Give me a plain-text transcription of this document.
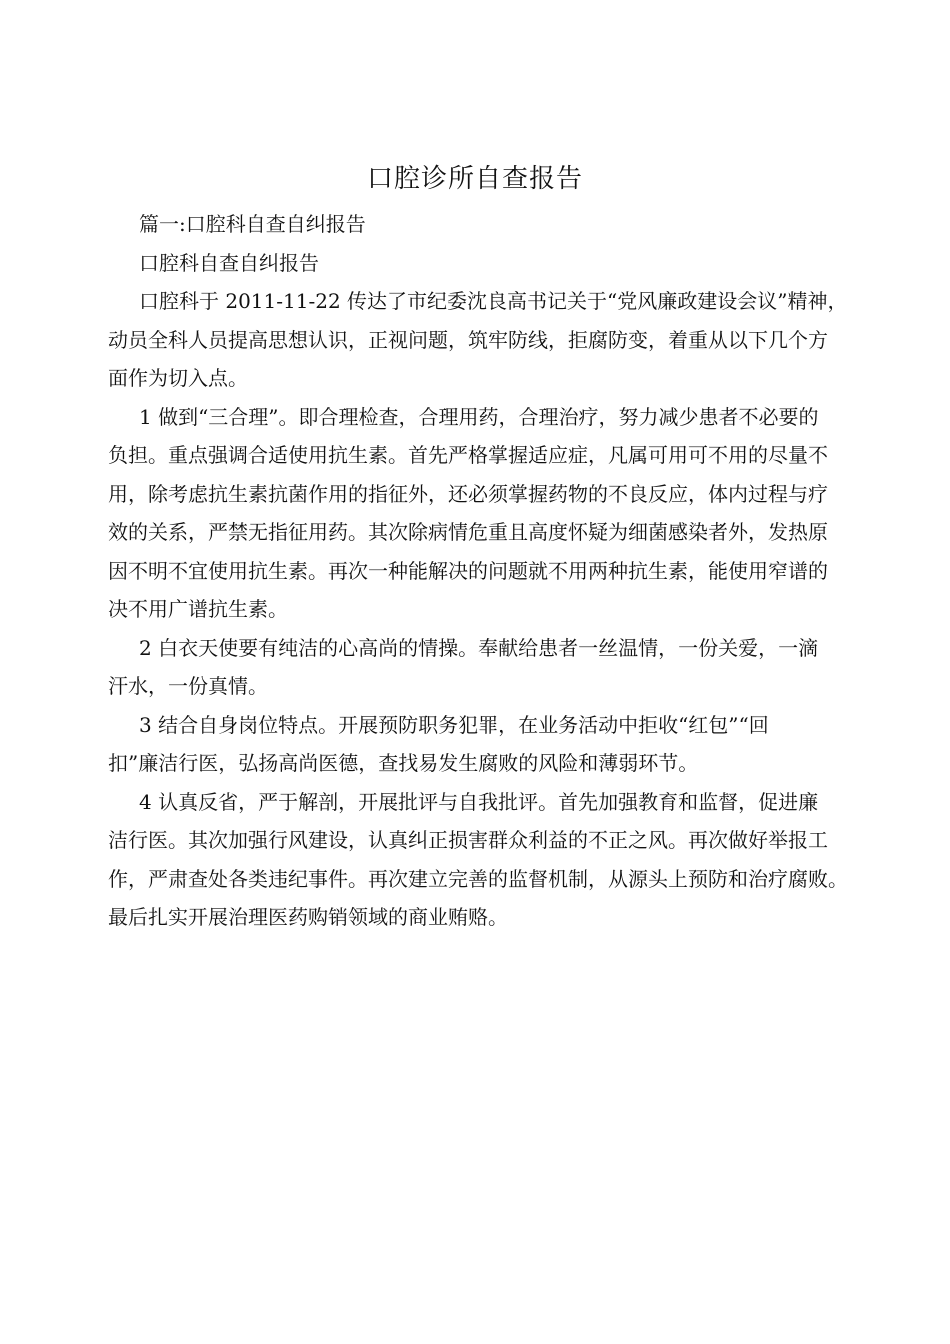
口腔诊所自查报告
篇一:口腔科自查自纠报告
口腔科自查自纠报告
口腔科于 2011-11-22 传达了市纪委沈良高书记关于“党风廉政建设会议”精神，
动员全科人员提高思想认识，正视问题，筑牢防线，拒腐防变，着重从以下几个方
面作为切入点。
1 做到“三合理”。即合理检查，合理用药，合理治疗，努力减少患者不必要的
负担。重点强调合适使用抗生素。首先严格掌握适应症，凡属可用可不用的尽量不
用，除考虑抗生素抗菌作用的指征外，还必须掌握药物的不良反应，体内过程与疗
效的关系，严禁无指征用药。其次除病情危重且高度怀疑为细菌感染者外，发热原
因不明不宜使用抗生素。再次一种能解决的问题就不用两种抗生素，能使用窄谱的
决不用广谱抗生素。
2 白衣天使要有纯洁的心高尚的情操。奉献给患者一丝温情，一份关爱，一滴
汗水，一份真情。
3 结合自身岗位特点。开展预防职务犯罪，在业务活动中拒收“红包”“回
扣”廉洁行医，弘扬高尚医德，查找易发生腐败的风险和薄弱环节。
4 认真反省，严于解剖，开展批评与自我批评。首先加强教育和监督，促进廉
洁行医。其次加强行风建设，认真纠正损害群众利益的不正之风。再次做好举报工
作，严肃查处各类违纪事件。再次建立完善的监督机制，从源头上预防和治疗腐败。
最后扎实开展治理医药购销领域的商业贿赂。
